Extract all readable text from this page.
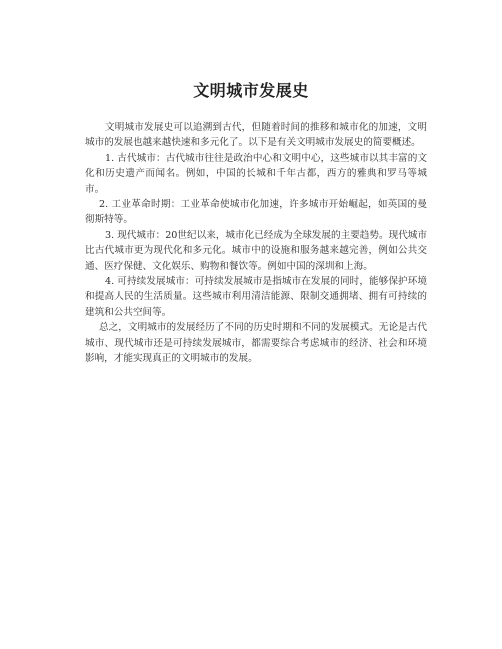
文明城市发展史

文明城市发展史可以追溯到古代，但随着时间的推移和城市化的加速，文明城市的发展也越来越快速和多元化了。以下是有关文明城市发展史的简要概述。

1. 古代城市：古代城市往往是政治中心和文明中心，这些城市以其丰富的文化和历史遗产而闻名。例如，中国的长城和千年古都，西方的雅典和罗马等城市。

2. 工业革命时期：工业革命使城市化加速，许多城市开始崛起，如英国的曼彻斯特等。

3. 现代城市：20世纪以来，城市化已经成为全球发展的主要趋势。现代城市比古代城市更为现代化和多元化。城市中的设施和服务越来越完善，例如公共交通、医疗保健、文化娱乐、购物和餐饮等。例如中国的深圳和上海。

4. 可持续发展城市：可持续发展城市是指城市在发展的同时，能够保护环境和提高人民的生活质量。这些城市利用清洁能源、限制交通拥堵、拥有可持续的建筑和公共空间等。

总之，文明城市的发展经历了不同的历史时期和不同的发展模式。无论是古代城市、现代城市还是可持续发展城市，都需要综合考虑城市的经济、社会和环境影响，才能实现真正的文明城市的发展。
